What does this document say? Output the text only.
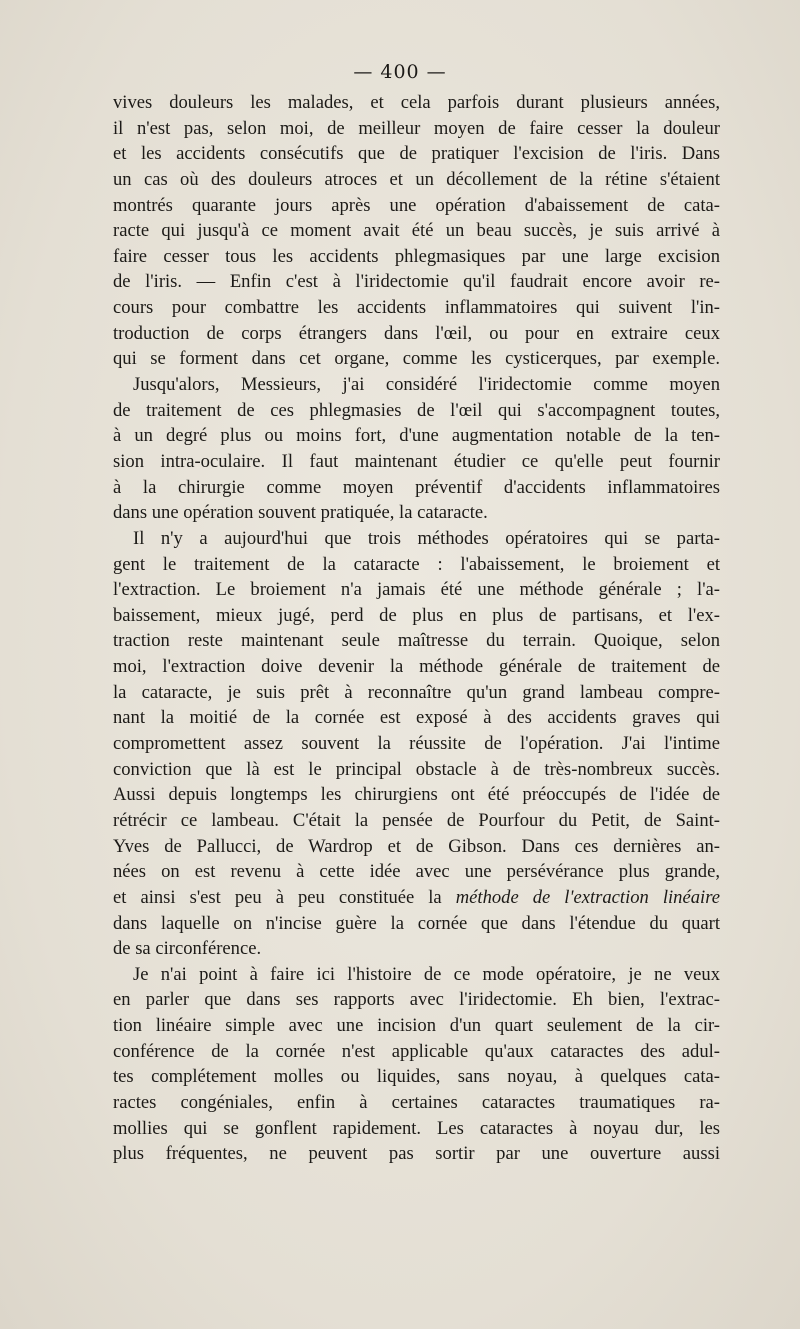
— 400 —
vives douleurs les malades, et cela parfois durant plusieurs années,
il n'est pas, selon moi, de meilleur moyen de faire cesser la douleur
et les accidents consécutifs que de pratiquer l'excision de l'iris. Dans
un cas où des douleurs atroces et un décollement de la rétine s'étaient
montrés quarante jours après une opération d'abaissement de cata-
racte qui jusqu'à ce moment avait été un beau succès, je suis arrivé à
faire cesser tous les accidents phlegmasiques par une large excision
de l'iris. — Enfin c'est à l'iridectomie qu'il faudrait encore avoir re-
cours pour combattre les accidents inflammatoires qui suivent l'in-
troduction de corps étrangers dans l'œil, ou pour en extraire ceux
qui se forment dans cet organe, comme les cysticerques, par exemple.
Jusqu'alors, Messieurs, j'ai considéré l'iridectomie comme moyen
de traitement de ces phlegmasies de l'œil qui s'accompagnent toutes,
à un degré plus ou moins fort, d'une augmentation notable de la ten-
sion intra-oculaire. Il faut maintenant étudier ce qu'elle peut fournir
à la chirurgie comme moyen préventif d'accidents inflammatoires
dans une opération souvent pratiquée, la cataracte.
Il n'y a aujourd'hui que trois méthodes opératoires qui se parta-
gent le traitement de la cataracte : l'abaissement, le broiement et
l'extraction. Le broiement n'a jamais été une méthode générale ; l'a-
baissement, mieux jugé, perd de plus en plus de partisans, et l'ex-
traction reste maintenant seule maîtresse du terrain. Quoique, selon
moi, l'extraction doive devenir la méthode générale de traitement de
la cataracte, je suis prêt à reconnaître qu'un grand lambeau compre-
nant la moitié de la cornée est exposé à des accidents graves qui
compromettent assez souvent la réussite de l'opération. J'ai l'intime
conviction que là est le principal obstacle à de très-nombreux succès.
Aussi depuis longtemps les chirurgiens ont été préoccupés de l'idée de
rétrécir ce lambeau. C'était la pensée de Pourfour du Petit, de Saint-
Yves de Pallucci, de Wardrop et de Gibson. Dans ces dernières an-
nées on est revenu à cette idée avec une persévérance plus grande,
et ainsi s'est peu à peu constituée la méthode de l'extraction linéaire
dans laquelle on n'incise guère la cornée que dans l'étendue du quart
de sa circonférence.
Je n'ai point à faire ici l'histoire de ce mode opératoire, je ne veux
en parler que dans ses rapports avec l'iridectomie. Eh bien, l'extrac-
tion linéaire simple avec une incision d'un quart seulement de la cir-
conférence de la cornée n'est applicable qu'aux cataractes des adul-
tes complétement molles ou liquides, sans noyau, à quelques cata-
ractes congéniales, enfin à certaines cataractes traumatiques ra-
mollies qui se gonflent rapidement. Les cataractes à noyau dur, les
plus fréquentes, ne peuvent pas sortir par une ouverture aussi
